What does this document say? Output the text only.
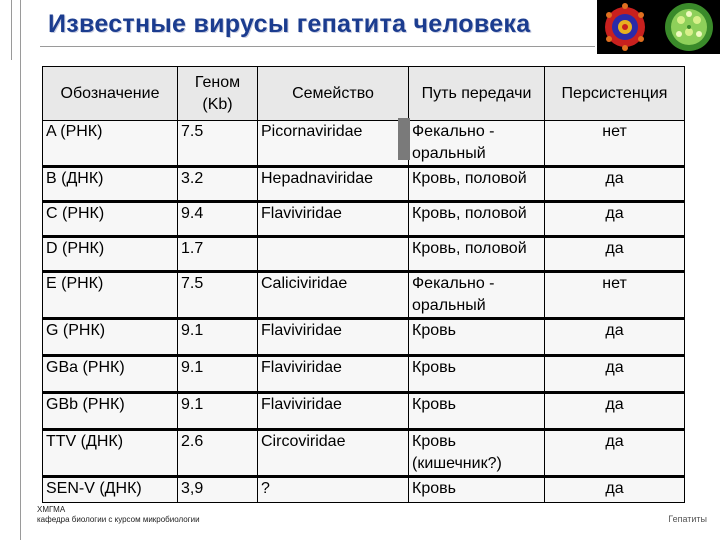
Известные вирусы гепатита человека
Обозначение	Геном (Kb)	Семейство	Путь передачи	Персистенция
A (РНК)	7.5	Picornaviridae	Фекально - оральный	нет
B (ДНК)	3.2	Hepadnaviridae	Кровь, половой	да
C (РНК)	9.4	Flaviviridae	Кровь, половой	да
D (РНК)	1.7		Кровь, половой	да
E (РНК)	7.5	Caliciviridae	Фекально - оральный	нет
G (РНК)	9.1	Flaviviridae	Кровь	да
GBa (РНК)	9.1	Flaviviridae	Кровь	да
GBb (РНК)	9.1	Flaviviridae	Кровь	да
TTV (ДНК)	2.6	Circoviridae	Кровь (кишечник?)	да
SEN-V (ДНК)	3,9	?	Кровь	да
ХМГМА
кафедра биологии с курсом микробиологии	Гепатиты
